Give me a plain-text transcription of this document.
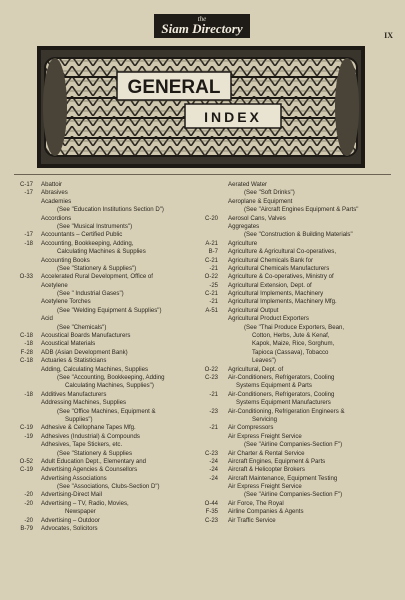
the
Siam Directory	IX
GENERAL
INDEX
C-17
-17

-17
-18

O-33

C-18
-18
F-28
C-18

-18

C-19
-19

O-52
C-19

-20
-20

-20
B-79
Abattoir
Abrasives
Academies
(See "Education Institutions Section D")
Accordions
(See "Musical Instruments")
Accountants – Certified Public
Accounting, Bookkeeping, Adding,
Calculating Machines & Supplies
Accounting Books
(See "Stationery & Supplies")
Accelerated Rural Development, Office of
Acetylene
(See " Industrial Gases")
Acetylene Torches
(See "Welding Equipment & Supplies")
Acid
(See "Chemicals")
Acoustical Boards Manufacturers
Acoustical Materials
ADB (Asian Development Bank)
Actuaries & Statisticians
Adding, Calculating Machines, Supplies
(See "Accounting, Bookkeeping, Adding
Calculating Machines, Supplies")
Additives Manufacturers
Addressing Machines, Supplies
(See "Office Machines, Equipment &
Supplies")
Adhesive & Cellophane Tapes Mfg.
Adhesives (Industrial) & Compounds
Adhesives, Tape Stickers, etc.
(See "Stationery & Supplies
Adult Education Dept., Elementary and
Advertising Agencies & Counsellors
Advertising Associations
(See "Associations, Clubs-Section D")
Advertising-Direct Mail
Advertising – TV, Radio, Movies,
Newspaper
Advertising – Outdoor
Advocates, Solicitors

C-20

A-21
B-7
C-21
-21
O-22
-25
C-21
-21
A-51

O-22
C-23

-21

-23

-21

C-23
-24
-24
-24

O-44
F-35
C-23
Aerated Water
(See "Soft Drinks")
Aeroplane & Equipment
(See "Aircraft Engines Equipment & Parts"
Aerosol Cans, Valves
Aggregates
(See "Construction & Building Materials"
Agriculture
Agriculture & Agricultural Co-operatives,
Agricultural Chemicals Bank for
Agricultural Chemicals Manufacturers
Agriculture & Co-operatives, Ministry of
Agricultural Extension, Dept. of
Agricultural Implements, Machinery
Agricultural Implements, Machinery Mfg.
Agricultural Output
Agricultural Product Exporters
(See "Thai Produce Exporters, Bean,
Cotton, Herbs, Jute & Kenaf,
Kapok, Maize, Rice, Sorghum,
Tapioca (Cassava), Tobacco
Leaves")
Agricultural, Dept. of
Air-Conditioners, Refrigerators, Cooling
Systems Equipment & Parts
Air-Conditioners, Refrigerators, Cooling
Systems Equipment Manufacturers
Air-Conditioning, Refrigeration Engineers &
Servicing
Air Compressors
Air Express Freight Service
(See "Airline Companies-Section F")
Air Charter & Rental Service
Aircraft Engines, Equipment & Parts
Aircraft & Helicopter Brokers
Aircraft Maintenance, Equipment Testing
Air Express Freight Service
(See "Airline Companies-Section F")
Air Force, The Royal
Airline Companies & Agents
Air Traffic Service
